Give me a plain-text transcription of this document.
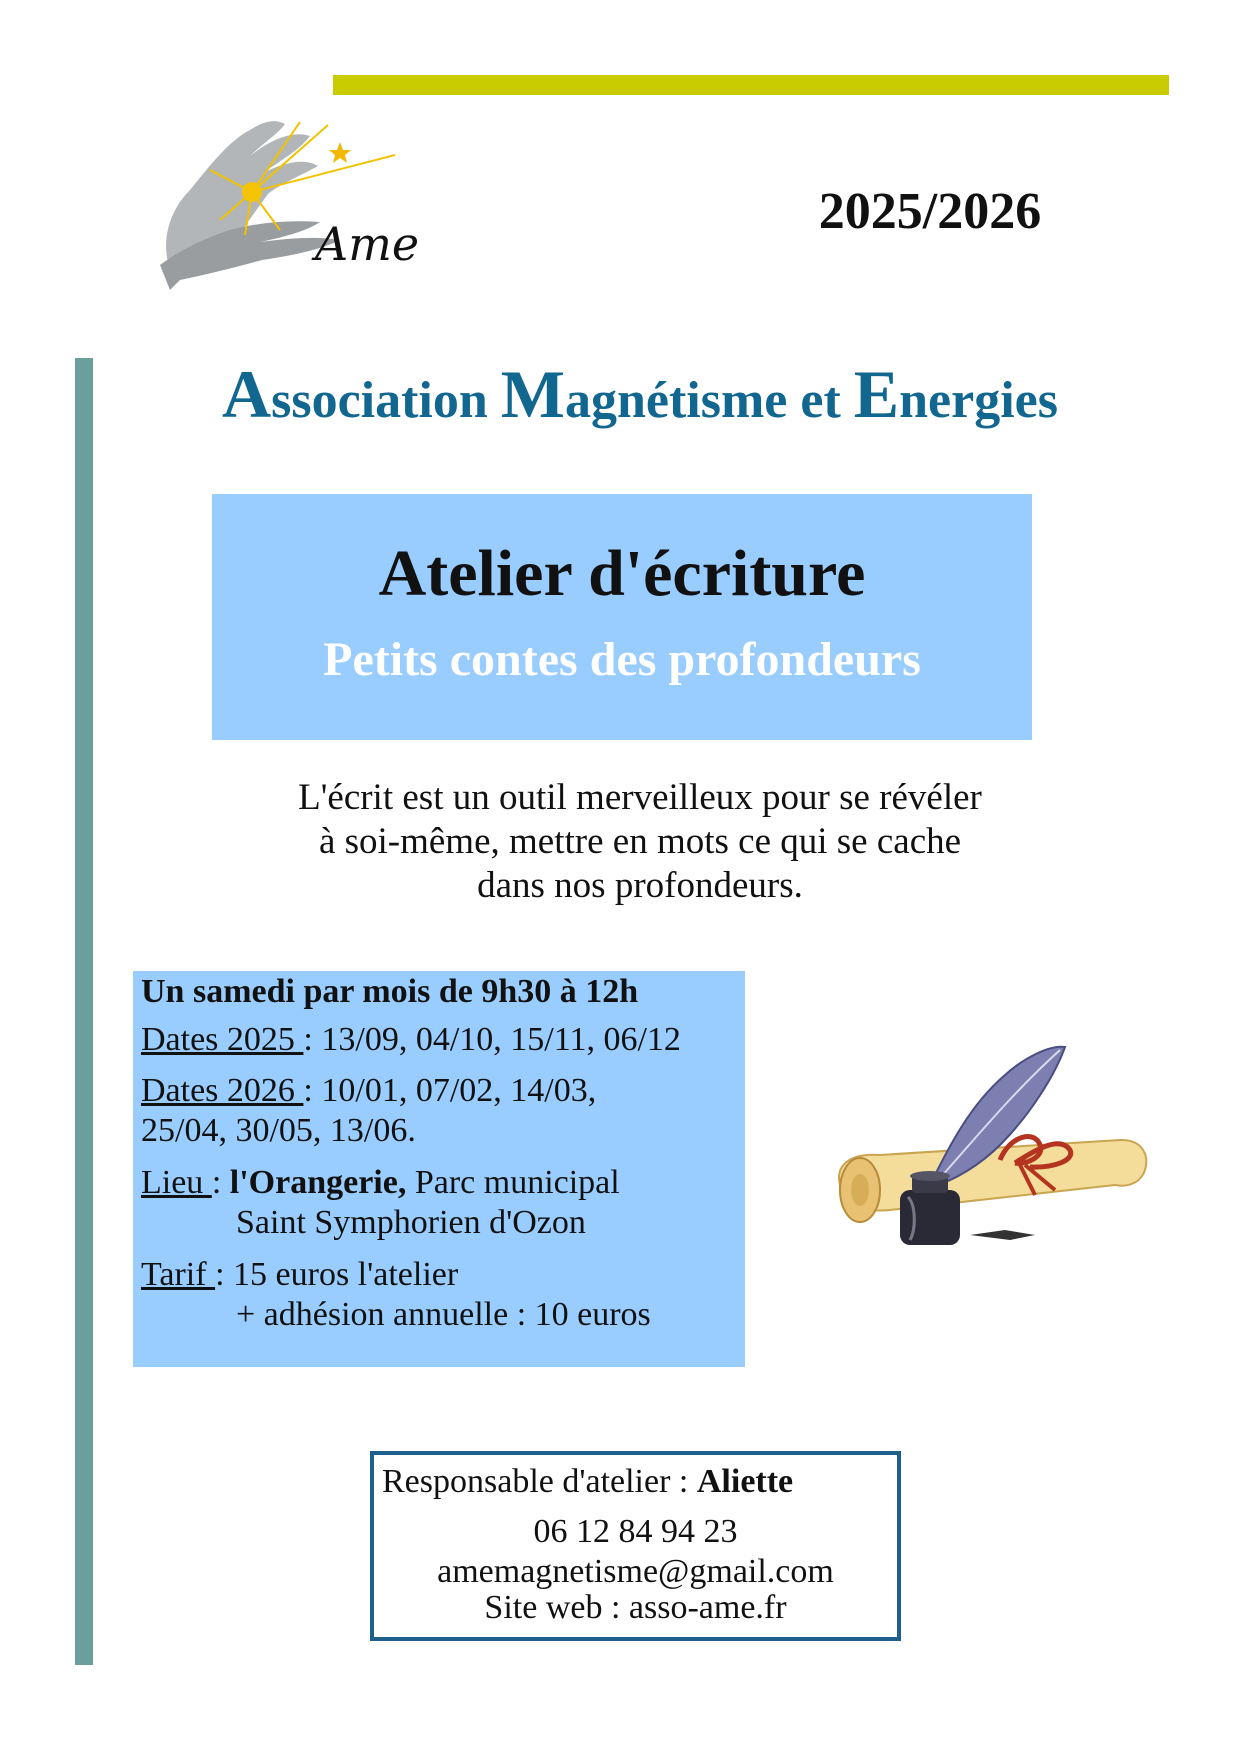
Ame
2025/2026
Association Magnétisme et Energies
Atelier d'écriture
Petits contes des profondeurs
L'écrit est un outil merveilleux pour se révéler
à soi-même, mettre en mots ce qui se cache
dans nos profondeurs.
Un samedi par mois de 9h30 à 12h
Dates 2025 : 13/09, 04/10, 15/11, 06/12
Dates 2026 : 10/01, 07/02, 14/03,
25/04, 30/05, 13/06.
Lieu : l'Orangerie, Parc municipal
Saint Symphorien d'Ozon
Tarif : 15 euros l'atelier
+ adhésion annuelle : 10 euros
Responsable d'atelier : Aliette
06 12 84 94 23
amemagnetisme@gmail.com
Site web : asso-ame.fr
